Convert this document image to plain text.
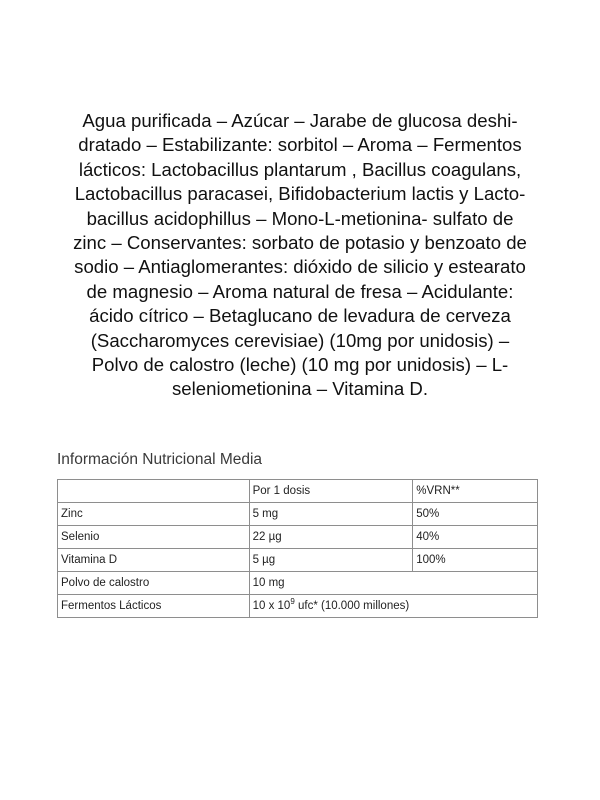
Agua purificada – Azúcar – Jarabe de glucosa deshi-
dratado – Estabilizante: sorbitol – Aroma – Fermentos
lácticos: Lactobacillus plantarum , Bacillus coagulans,
Lactobacillus paracasei, Bifidobacterium lactis y Lacto-
bacillus acidophillus – Mono-L-metionina- sulfato de
zinc – Conservantes: sorbato de potasio y benzoato de
sodio – Antiaglomerantes: dióxido de silicio y estearato
de magnesio – Aroma natural de fresa – Acidulante:
ácido cítrico – Betaglucano de levadura de cerveza
(Saccharomyces cerevisiae) (10mg por unidosis) –
Polvo de calostro (leche) (10 mg por unidosis) – L-
seleniometionina – Vitamina D.
Información Nutricional Media
	Por 1 dosis	%VRN**
Zinc	5 mg	50%
Selenio	22 µg	40%
Vitamina D	5 µg	100%
Polvo de calostro	10 mg	
Fermentos Lácticos	10 x $10^9$ ufc* (10.000 millones)	
